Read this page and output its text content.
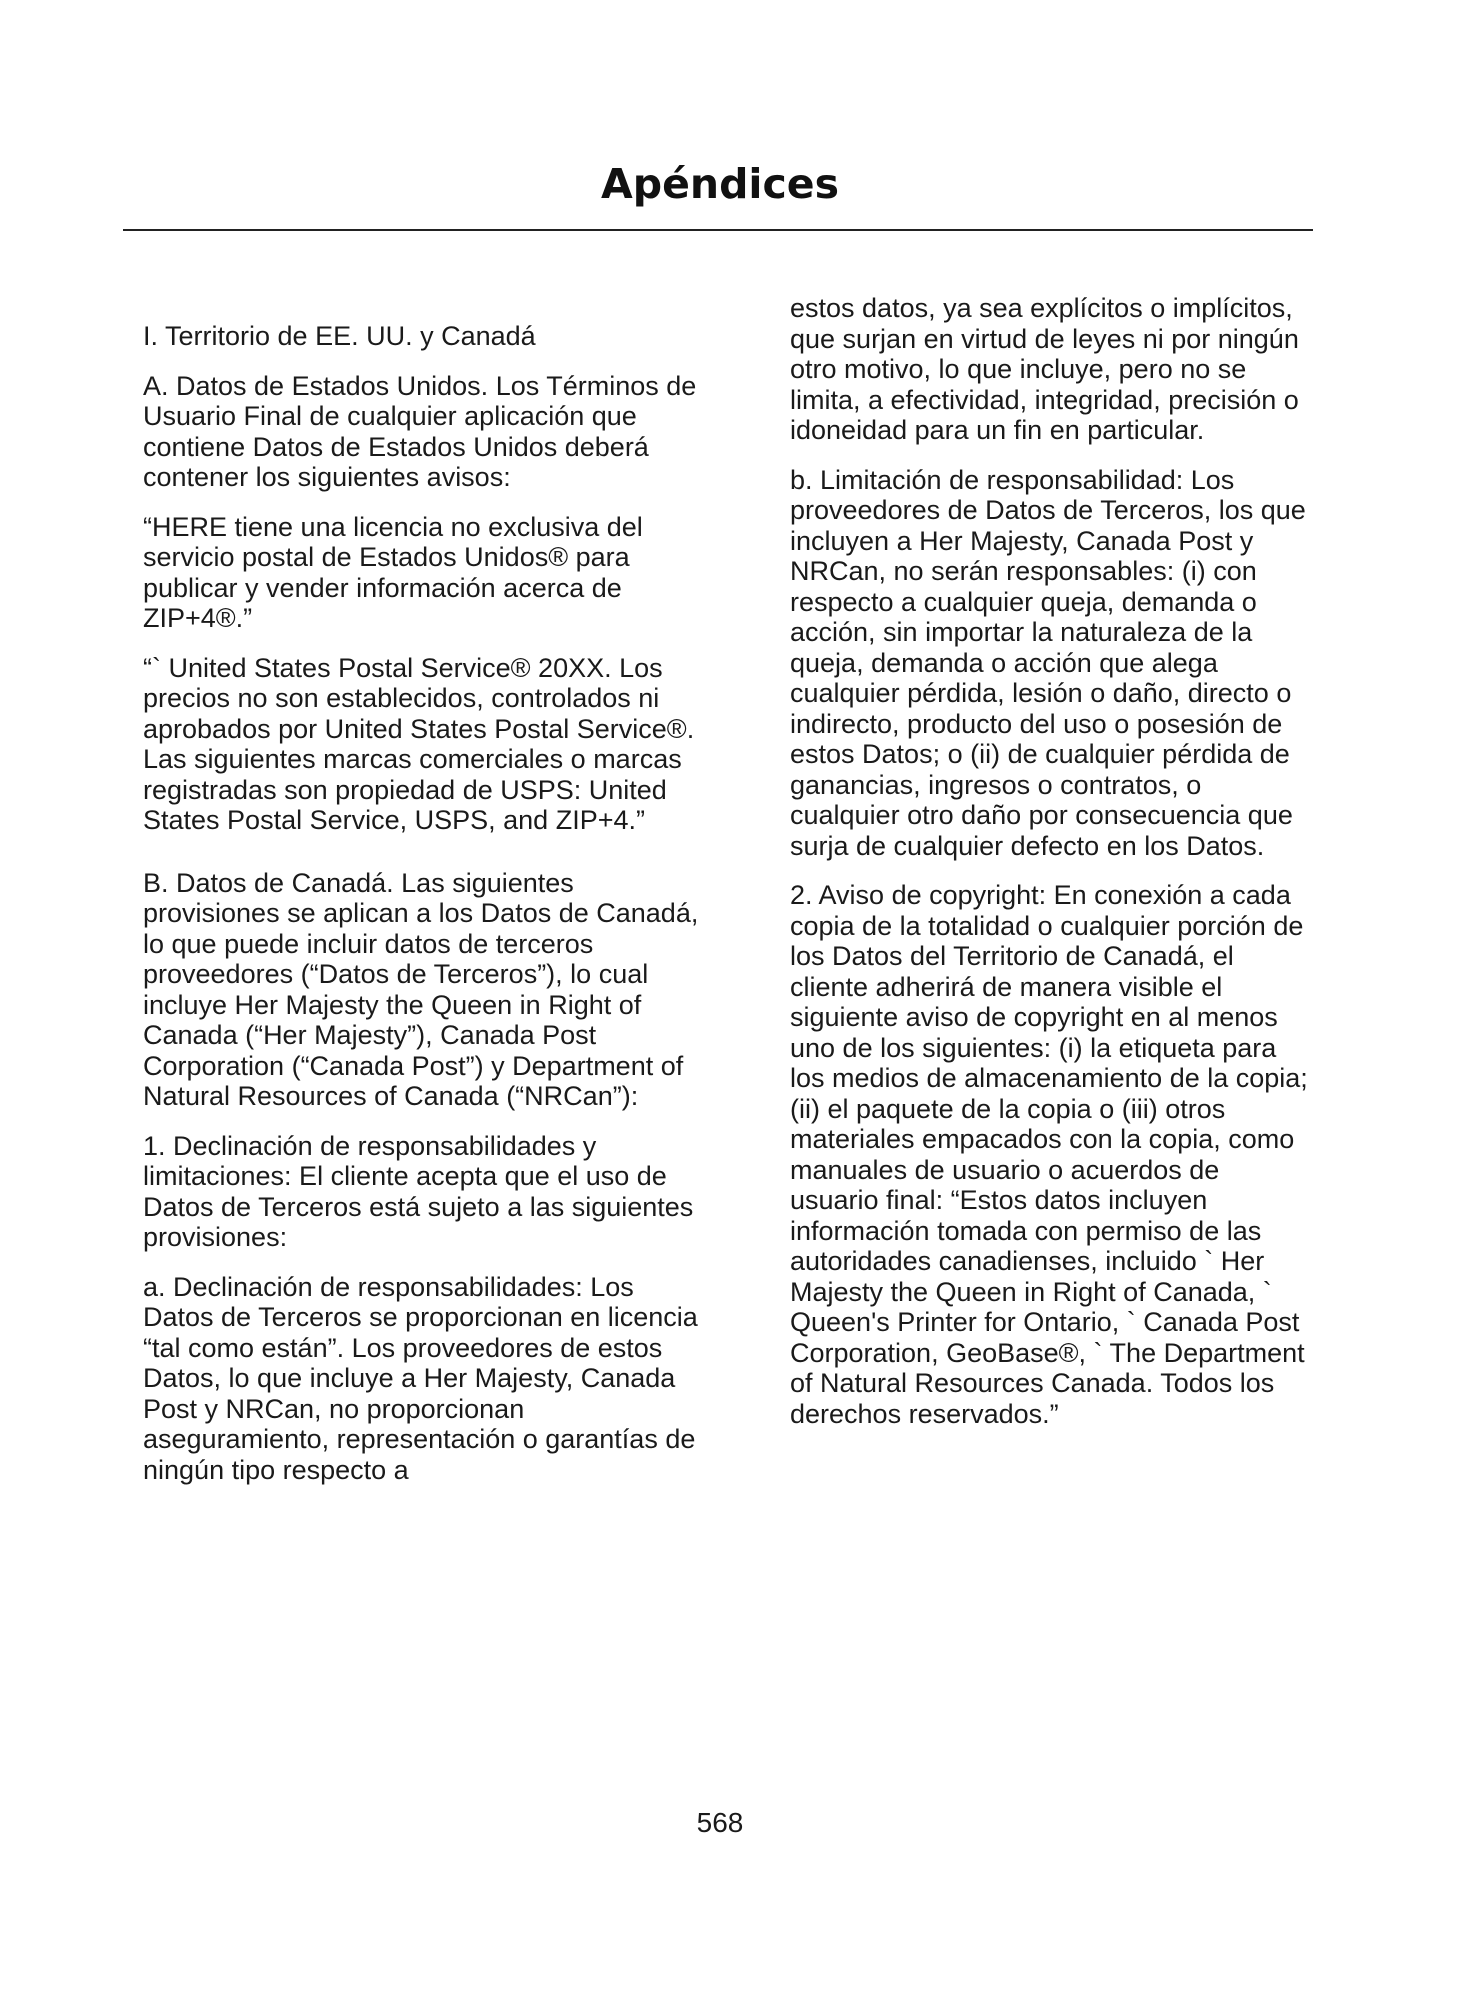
Apéndices

I. Territorio de EE. UU. y Canadá

A. Datos de Estados Unidos. Los Términos de Usuario Final de cualquier aplicación que contiene Datos de Estados Unidos deberá contener los siguientes avisos:

“HERE tiene una licencia no exclusiva del servicio postal de Estados Unidos® para publicar y vender información acerca de ZIP+4®.”

“` United States Postal Service® 20XX. Los precios no son establecidos, controlados ni aprobados por United States Postal Service®. Las siguientes marcas comerciales o marcas registradas son propiedad de USPS: United States Postal Service, USPS, and ZIP+4.”

B. Datos de Canadá. Las siguientes provisiones se aplican a los Datos de Canadá, lo que puede incluir datos de terceros proveedores (“Datos de Terceros”), lo cual incluye Her Majesty the Queen in Right of Canada (“Her Majesty”), Canada Post Corporation (“Canada Post”) y Department of Natural Resources of Canada (“NRCan”):

1. Declinación de responsabilidades y limitaciones: El cliente acepta que el uso de Datos de Terceros está sujeto a las siguientes provisiones:

a. Declinación de responsabilidades: Los Datos de Terceros se proporcionan en licencia “tal como están”. Los proveedores de estos Datos, lo que incluye a Her Majesty, Canada Post y NRCan, no proporcionan aseguramiento, representación o garantías de ningún tipo respecto a

estos datos, ya sea explícitos o implícitos, que surjan en virtud de leyes ni por ningún otro motivo, lo que incluye, pero no se limita, a efectividad, integridad, precisión o idoneidad para un fin en particular.

b. Limitación de responsabilidad: Los proveedores de Datos de Terceros, los que incluyen a Her Majesty, Canada Post y NRCan, no serán responsables: (i) con respecto a cualquier queja, demanda o acción, sin importar la naturaleza de la queja, demanda o acción que alega cualquier pérdida, lesión o daño, directo o indirecto, producto del uso o posesión de estos Datos; o (ii) de cualquier pérdida de ganancias, ingresos o contratos, o cualquier otro daño por consecuencia que surja de cualquier defecto en los Datos.

2. Aviso de copyright: En conexión a cada copia de la totalidad o cualquier porción de los Datos del Territorio de Canadá, el cliente adherirá de manera visible el siguiente aviso de copyright en al menos uno de los siguientes: (i) la etiqueta para los medios de almacenamiento de la copia; (ii) el paquete de la copia o (iii) otros materiales empacados con la copia, como manuales de usuario o acuerdos de usuario final: “Estos datos incluyen información tomada con permiso de las autoridades canadienses, incluido ` Her Majesty the Queen in Right of Canada, ` Queen's Printer for Ontario, ` Canada Post Corporation, GeoBase®, ` The Department of Natural Resources Canada. Todos los derechos reservados.”

568
